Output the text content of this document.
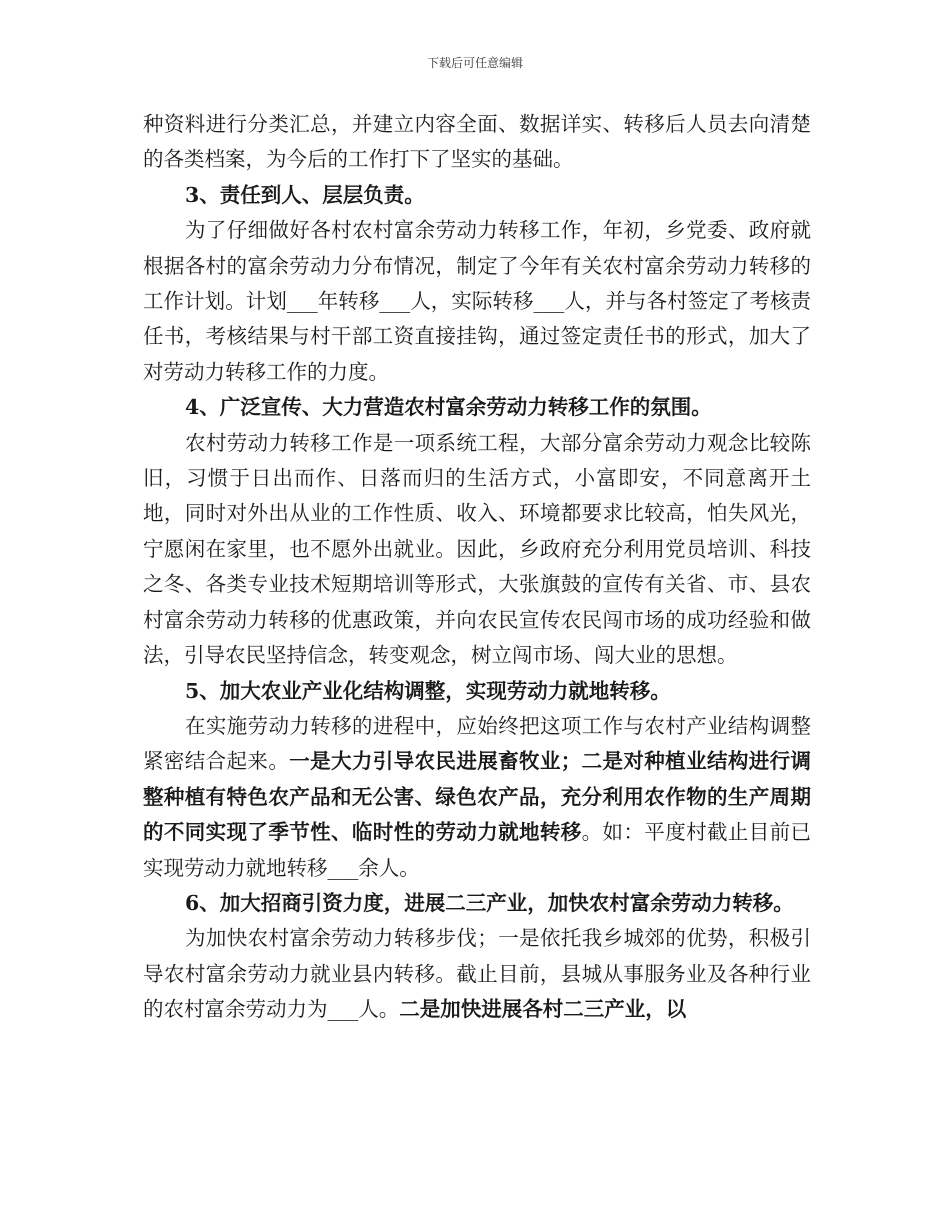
下载后可任意编辑

种资料进行分类汇总，并建立内容全面、数据详实、转移后人员去向清楚的各类档案，为今后的工作打下了坚实的基础。

3、责任到人、层层负责。

为了仔细做好各村农村富余劳动力转移工作，年初，乡党委、政府就根据各村的富余劳动力分布情况，制定了今年有关农村富余劳动力转移的工作计划。计划___年转移___人，实际转移___人，并与各村签定了考核责任书，考核结果与村干部工资直接挂钩，通过签定责任书的形式，加大了对劳动力转移工作的力度。

4、广泛宣传、大力营造农村富余劳动力转移工作的氛围。

农村劳动力转移工作是一项系统工程，大部分富余劳动力观念比较陈旧，习惯于日出而作、日落而归的生活方式，小富即安，不同意离开土地，同时对外出从业的工作性质、收入、环境都要求比较高，怕失风光，宁愿闲在家里，也不愿外出就业。因此，乡政府充分利用党员培训、科技之冬、各类专业技术短期培训等形式，大张旗鼓的宣传有关省、市、县农村富余劳动力转移的优惠政策，并向农民宣传农民闯市场的成功经验和做法，引导农民坚持信念，转变观念，树立闯市场、闯大业的思想。

5、加大农业产业化结构调整，实现劳动力就地转移。

在实施劳动力转移的进程中，应始终把这项工作与农村产业结构调整紧密结合起来。一是大力引导农民进展畜牧业；二是对种植业结构进行调整种植有特色农产品和无公害、绿色农产品，充分利用农作物的生产周期的不同实现了季节性、临时性的劳动力就地转移。如：平度村截止目前已实现劳动力就地转移___余人。

6、加大招商引资力度，进展二三产业，加快农村富余劳动力转移。

为加快农村富余劳动力转移步伐；一是依托我乡城郊的优势，积极引导农村富余劳动力就业县内转移。截止目前，县城从事服务业及各种行业的农村富余劳动力为___人。二是加快进展各村二三产业，以
